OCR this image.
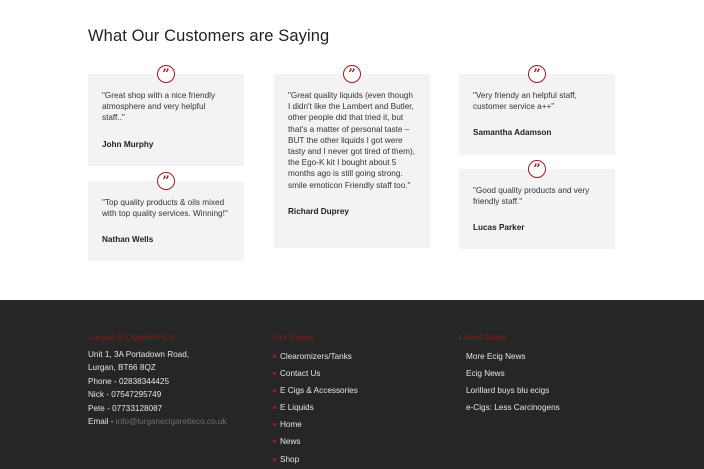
What Our Customers are Saying
”

"Great shop with a nice friendly atmosphere and very helpful staff.."

John Murphy

”

"Top quality products & oils mixed with top quality services. Winning!"

Nathan Wells

”

"Great quality liquids (even though I didn't like the Lambert and Butler, other people did that tried it, but that's a matter of personal taste – BUT the other liquids I got were tasty and I never got tired of them), the Ego-K kit I bought about 5 months ago is still going strong. smile emoticon Friendly staff too."

Richard Duprey

”

"Very friendy an helpful staff, customer service a++"

Samantha Adamson

”

"Good quality products and very friendly staff."

Lucas Parker

Lurgan E Cigarette Co.
Unit 1, 3A Portadown Road,
Lurgan, BT66 8QZ
Phone - 02838344425
Nick - 07547295749
Pete - 07733128087
Email - info@lurganecigaretteco.co.uk
Our Pages
Clearomizers/Tanks
Contact Us
E Cigs & Accessories
E Liquids
Home
News
Shop
Latest News
More Ecig News
Ecig News
Lorillard buys blu ecigs
e-Cigs: Less Carcinogens
